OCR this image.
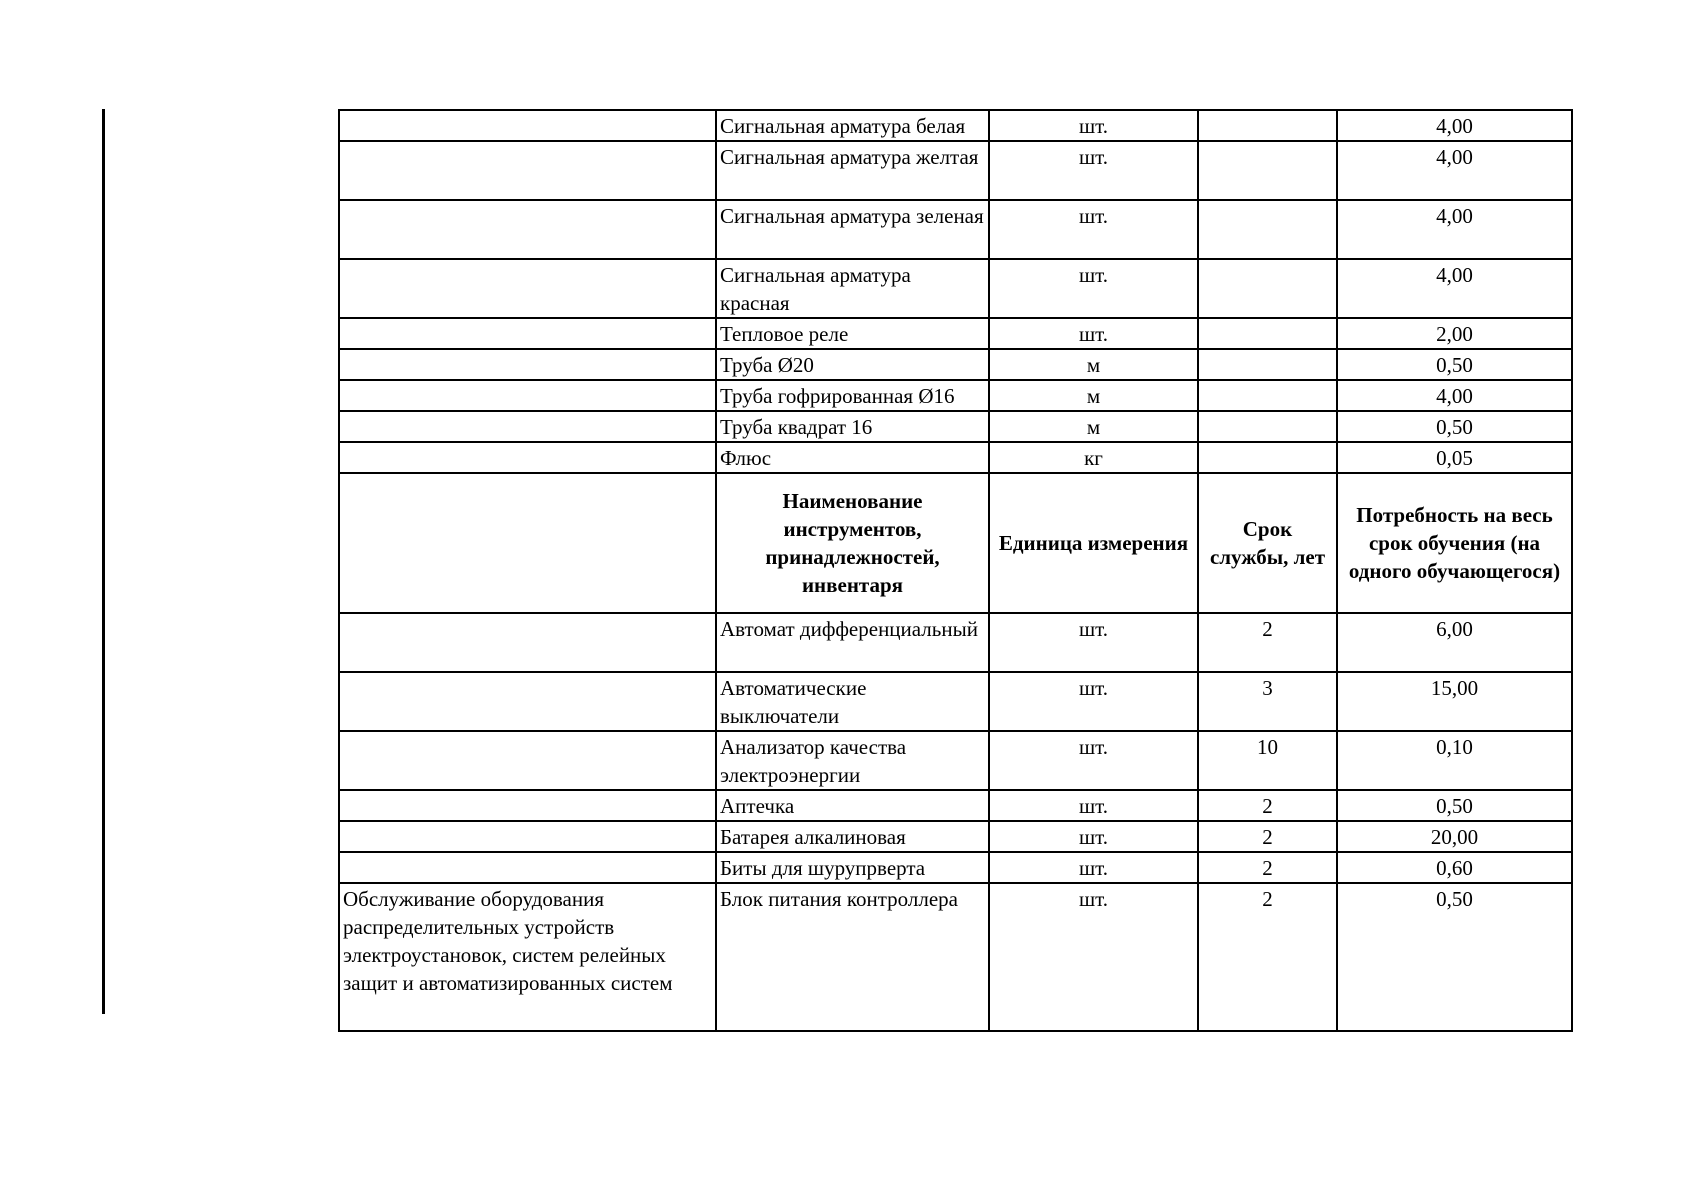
	Сигнальная арматура белая	шт.		4,00
	Сигнальная арматура желтая	шт.		4,00
	Сигнальная арматура зеленая	шт.		4,00
	Сигнальная арматура красная	шт.		4,00
	Тепловое реле	шт.		2,00
	Труба Ø20	м		0,50
	Труба гофрированная Ø16	м		4,00
	Труба квадрат 16	м		0,50
	Флюс	кг		0,05
	Наименование инструментов, принадлежностей, инвентаря	Единица измерения	Срок службы, лет	Потребность на весь срок обучения (на одного обучающегося)
	Автомат дифференциальный	шт.	2	6,00
	Автоматические выключатели	шт.	3	15,00
	Анализатор качества электроэнергии	шт.	10	0,10
	Аптечка	шт.	2	0,50
	Батарея алкалиновая	шт.	2	20,00
	Биты для шурупрверта	шт.	2	0,60
Обслуживание оборудования распределительных устройств электроустановок, систем релейных защит и автоматизированных систем	Блок питания контроллера	шт.	2	0,50
